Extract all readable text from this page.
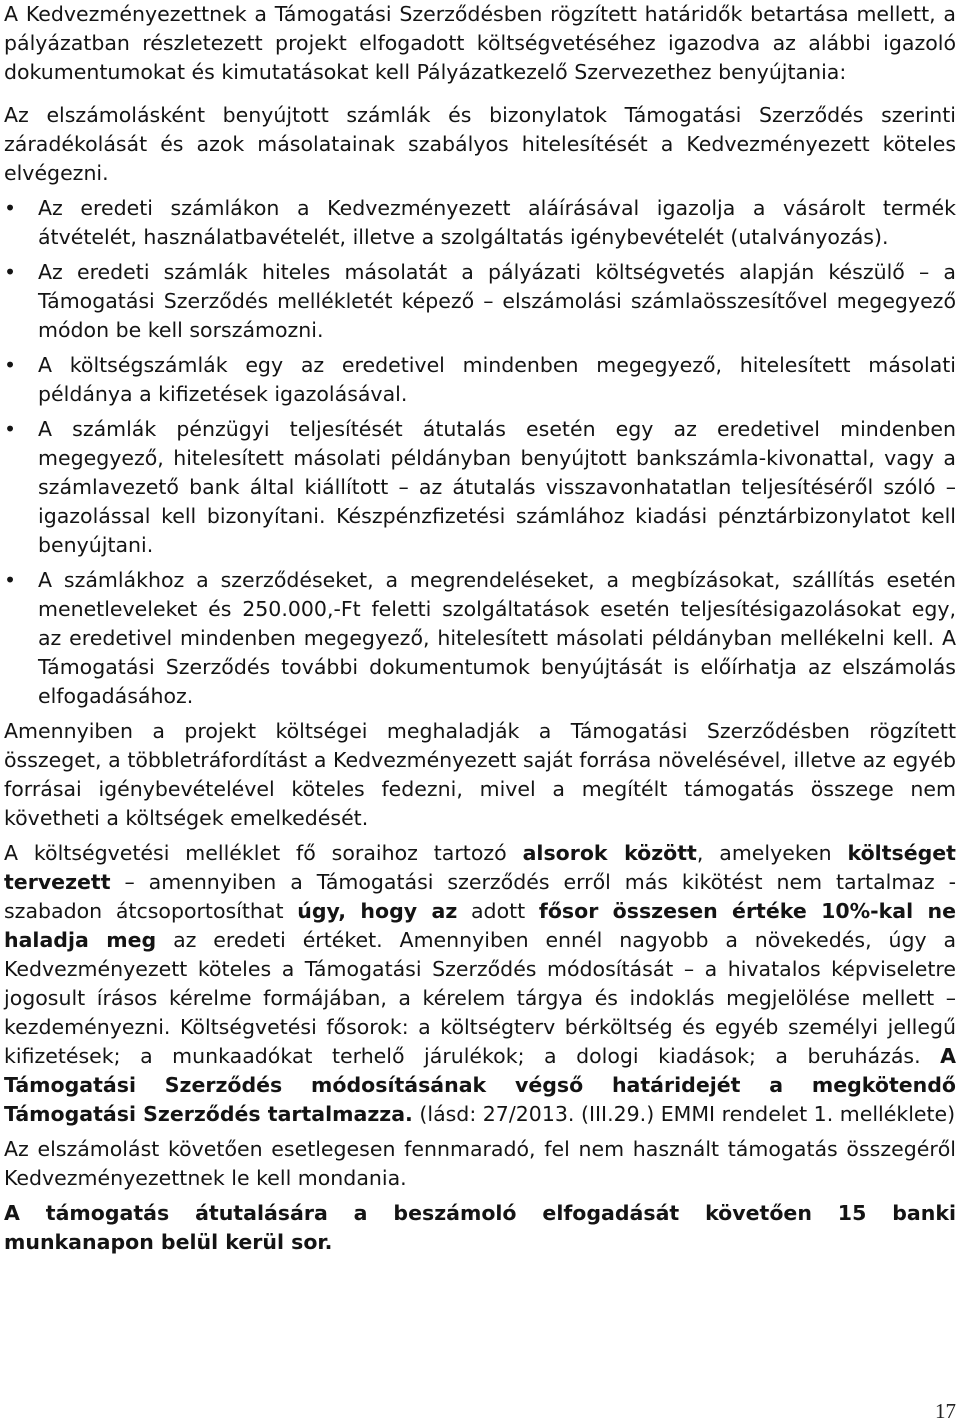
A Kedvezményezettnek a Támogatási Szerződésben rögzített határidők betartása mellett, a pályázatban részletezett projekt elfogadott költségvetéséhez igazodva az alábbi igazoló dokumentumokat és kimutatásokat kell Pályázatkezelő Szervezethez benyújtania:

Az elszámolásként benyújtott számlák és bizonylatok Támogatási Szerződés szerinti záradékolását és azok másolatainak szabályos hitelesítését a Kedvezményezett köteles elvégezni.

•	Az eredeti számlákon a Kedvezményezett aláírásával igazolja a vásárolt termék átvételét, használatbavételét, illetve a szolgáltatás igénybevételét (utalványozás).
•	Az eredeti számlák hiteles másolatát a pályázati költségvetés alapján készülő – a Támogatási Szerződés mellékletét képező – elszámolási számlaösszesítővel megegyező módon be kell sorszámozni.
•	A költségszámlák egy az eredetivel mindenben megegyező, hitelesített másolati példánya a kifizetések igazolásával.
•	A számlák pénzügyi teljesítését átutalás esetén egy az eredetivel mindenben megegyező, hitelesített másolati példányban benyújtott bankszámla-kivonattal, vagy a számlavezető bank által kiállított – az átutalás visszavonhatatlan teljesítéséről szóló – igazolással kell bizonyítani. Készpénzfizetési számlához kiadási pénztárbizonylatot kell benyújtani.
•	A számlákhoz a szerződéseket, a megrendeléseket, a megbízásokat, szállítás esetén menetleveleket és 250.000,-Ft feletti szolgáltatások esetén teljesítésigazolásokat egy, az eredetivel mindenben megegyező, hitelesített másolati példányban mellékelni kell. A Támogatási Szerződés további dokumentumok benyújtását is előírhatja az elszámolás elfogadásához.

Amennyiben a projekt költségei meghaladják a Támogatási Szerződésben rögzített összeget, a többletráfordítást a Kedvezményezett saját forrása növelésével, illetve az egyéb forrásai igénybevételével köteles fedezni, mivel a megítélt támogatás összege nem követheti a költségek emelkedését.

A költségvetési melléklet fő soraihoz tartozó alsorok között, amelyeken költséget tervezett – amennyiben a Támogatási szerződés erről más kikötést nem tartalmaz - szabadon átcsoportosíthat úgy, hogy az adott fősor összesen értéke 10%-kal ne haladja meg az eredeti értéket. Amennyiben ennél nagyobb a növekedés, úgy a Kedvezményezett köteles a Támogatási Szerződés módosítását – a hivatalos képviseletre jogosult írásos kérelme formájában, a kérelem tárgya és indoklás megjelölése mellett – kezdeményezni. Költségvetési fősorok: a költségterv bérköltség és egyéb személyi jellegű kifizetések; a munkaadókat terhelő járulékok; a dologi kiadások; a beruházás. A Támogatási Szerződés módosításának végső határidejét a megkötendő Támogatási Szerződés tartalmazza. (lásd: 27/2013. (III.29.) EMMI rendelet 1. melléklete)

Az elszámolást követően esetlegesen fennmaradó, fel nem használt támogatás összegéről Kedvezményezettnek le kell mondania.

A támogatás átutalására a beszámoló elfogadását követően 15 banki munkanapon belül kerül sor.

17
